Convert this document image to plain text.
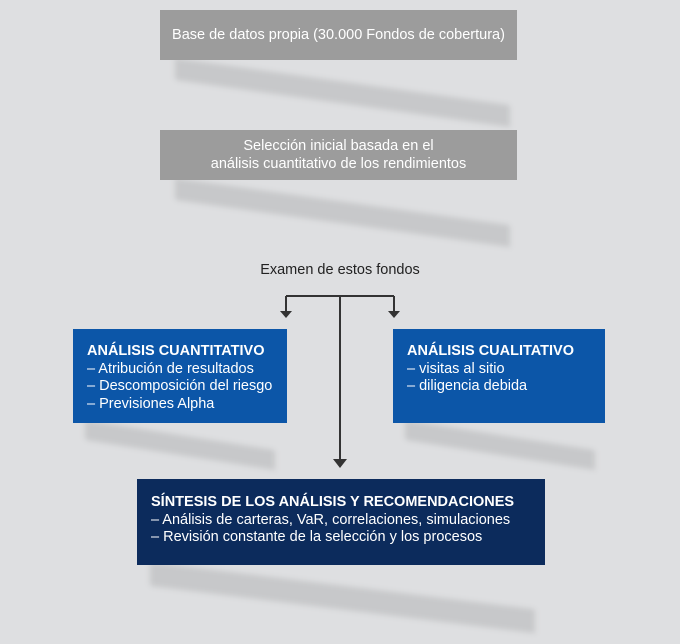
Base de datos propia (30.000 Fondos de cobertura)
Selección inicial basada en el
análisis cuantitativo de los rendimientos
Examen de estos fondos
ANÁLISIS CUANTITATIVO
– Atribución de resultados
– Descomposición del riesgo
– Previsiones Alpha
ANÁLISIS CUALITATIVO
– visitas al sitio
– diligencia debida
SÍNTESIS DE LOS ANÁLISIS Y RECOMENDACIONES
– Análisis de carteras, VaR, correlaciones, simulaciones
– Revisión constante de la selección y los procesos
